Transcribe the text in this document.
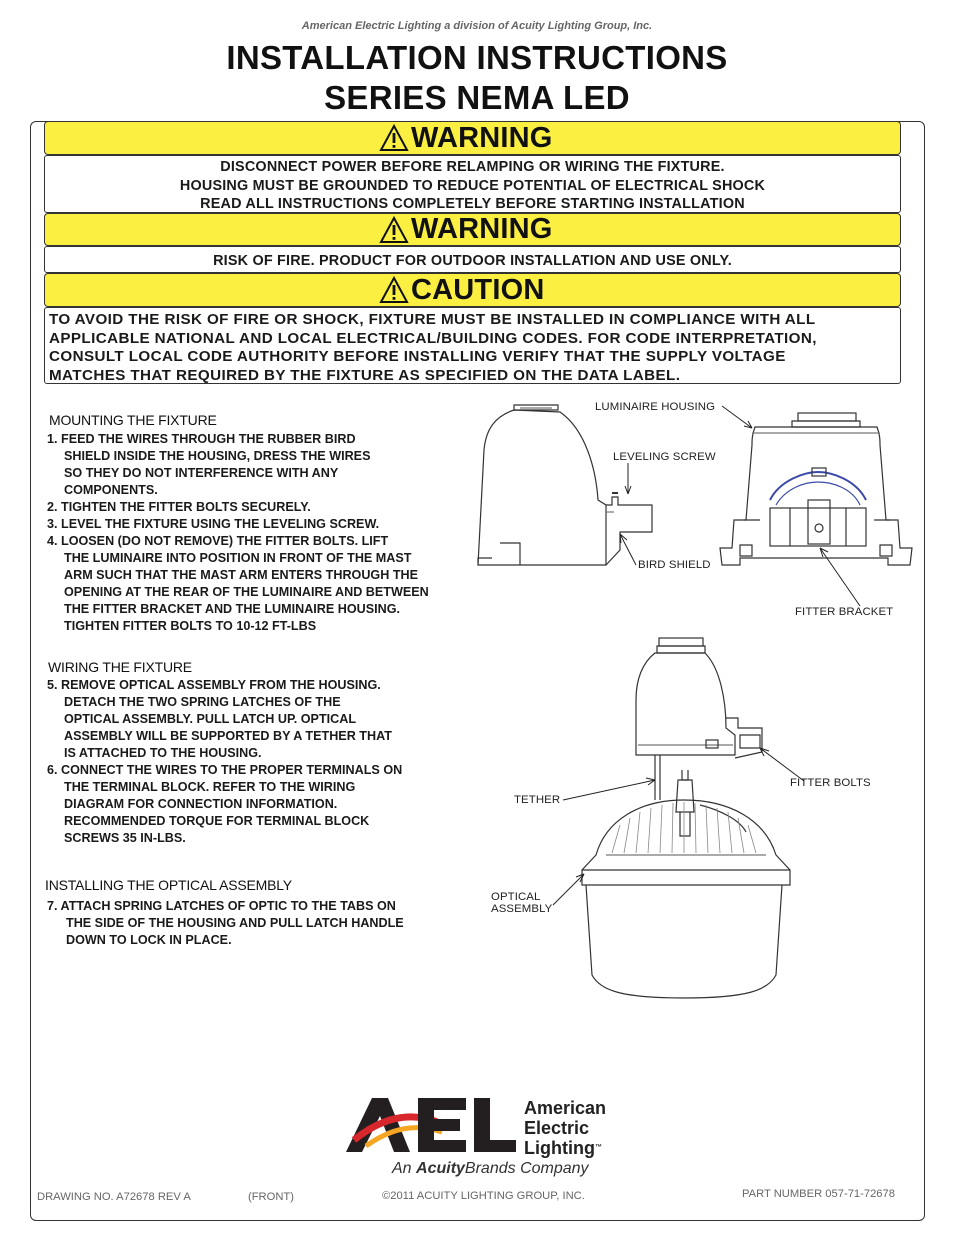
American Electric Lighting a division of Acuity Lighting Group, Inc.
INSTALLATION INSTRUCTIONS
SERIES NEMA LED
WARNING
DISCONNECT POWER BEFORE RELAMPING OR WIRING THE FIXTURE.
HOUSING MUST BE GROUNDED TO REDUCE POTENTIAL OF ELECTRICAL SHOCK
READ ALL INSTRUCTIONS COMPLETELY BEFORE STARTING INSTALLATION
WARNING
RISK OF FIRE. PRODUCT FOR OUTDOOR INSTALLATION AND USE ONLY.
CAUTION
TO AVOID THE RISK OF FIRE OR SHOCK, FIXTURE MUST BE INSTALLED IN COMPLIANCE WITH ALL
APPLICABLE NATIONAL AND LOCAL ELECTRICAL/BUILDING CODES. FOR CODE INTERPRETATION,
CONSULT LOCAL CODE AUTHORITY BEFORE INSTALLING VERIFY THAT THE SUPPLY VOLTAGE
MATCHES THAT REQUIRED BY THE FIXTURE AS SPECIFIED ON THE DATA LABEL.
MOUNTING THE FIXTURE
1. FEED THE WIRES THROUGH THE RUBBER BIRD
SHIELD INSIDE THE HOUSING, DRESS THE WIRES
SO THEY DO NOT INTERFERENCE WITH ANY
COMPONENTS.
2. TIGHTEN THE FITTER BOLTS SECURELY.
3. LEVEL THE FIXTURE USING THE LEVELING SCREW.
4. LOOSEN (DO NOT REMOVE) THE FITTER BOLTS. LIFT
THE LUMINAIRE INTO POSITION IN FRONT OF THE MAST
ARM SUCH THAT THE MAST ARM ENTERS THROUGH THE
OPENING AT THE REAR OF THE LUMINAIRE AND BETWEEN
THE FITTER BRACKET AND THE LUMINAIRE HOUSING.
TIGHTEN FITTER BOLTS TO 10-12 FT-LBS
WIRING THE FIXTURE
5. REMOVE OPTICAL ASSEMBLY FROM THE HOUSING.
DETACH THE TWO SPRING LATCHES OF THE
OPTICAL ASSEMBLY. PULL LATCH UP. OPTICAL
ASSEMBLY WILL BE SUPPORTED BY A TETHER THAT
IS ATTACHED TO THE HOUSING.
6. CONNECT THE WIRES TO THE PROPER TERMINALS ON
THE TERMINAL BLOCK. REFER TO THE WIRING
DIAGRAM FOR CONNECTION INFORMATION.
RECOMMENDED TORQUE FOR TERMINAL BLOCK
SCREWS 35 IN-LBS.
INSTALLING THE OPTICAL ASSEMBLY
7. ATTACH SPRING LATCHES OF OPTIC TO THE TABS ON
THE SIDE OF THE HOUSING AND PULL LATCH HANDLE
DOWN TO LOCK IN PLACE.
LUMINAIRE HOUSING
LEVELING SCREW
BIRD SHIELD
FITTER BRACKET
FITTER BOLTS
TETHER
OPTICAL
ASSEMBLY
American
Electric
Lighting™
An AcuityBrands Company
DRAWING NO. A72678 REV A	(FRONT)	©2011 ACUITY LIGHTING GROUP, INC.	PART NUMBER 057-71-72678
